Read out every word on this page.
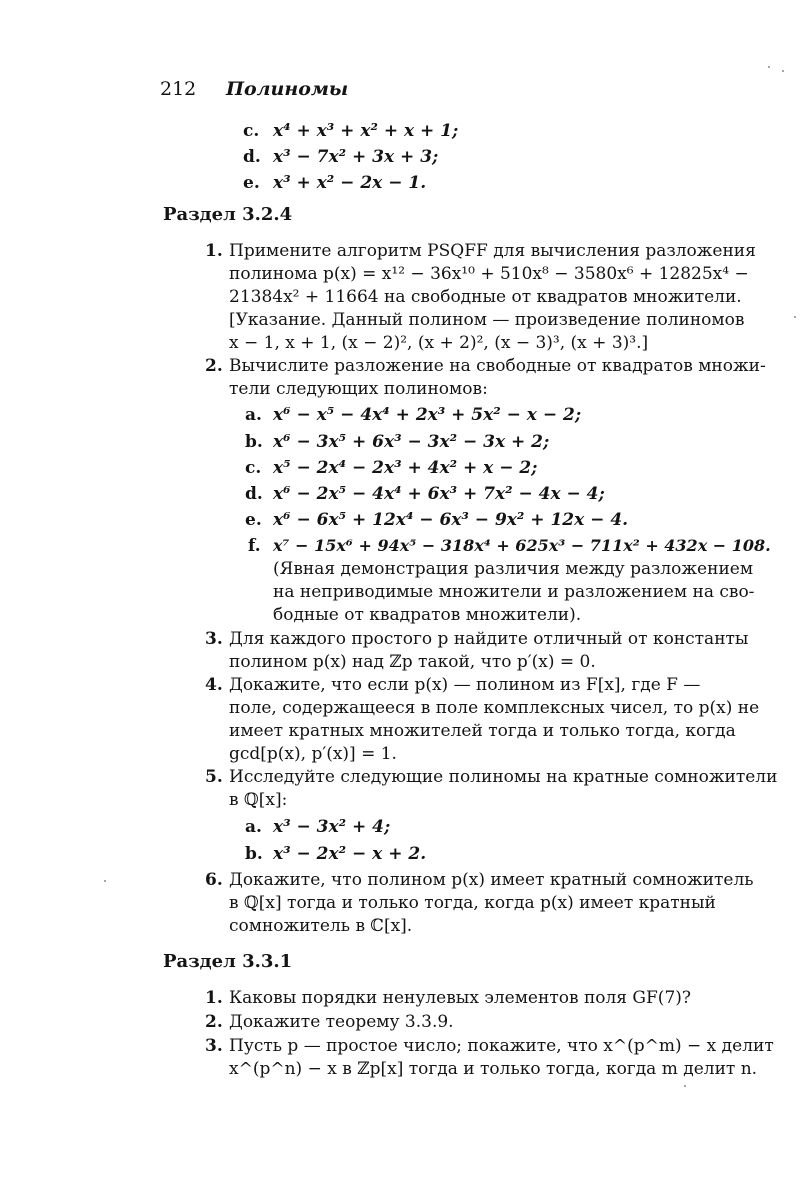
212 Полиномы
c. x⁴ + x³ + x² + x + 1;
d. x³ − 7x² + 3x + 3;
e. x³ + x² − 2x − 1.
Раздел 3.2.4
1. Примените алгоритм PSQFF для вычисления разложения
полинома p(x) = x¹² − 36x¹⁰ + 510x⁸ − 3580x⁶ + 12825x⁴ −
21384x² + 11664 на свободные от квадратов множители.
[Указание. Данный полином — произведение полиномов
x − 1, x + 1, (x − 2)², (x + 2)², (x − 3)³, (x + 3)³.]
2. Вычислите разложение на свободные от квадратов множи-
тели следующих полиномов:
a. x⁶ − x⁵ − 4x⁴ + 2x³ + 5x² − x − 2;
b. x⁶ − 3x⁵ + 6x³ − 3x² − 3x + 2;
c. x⁵ − 2x⁴ − 2x³ + 4x² + x − 2;
d. x⁶ − 2x⁵ − 4x⁴ + 6x³ + 7x² − 4x − 4;
e. x⁶ − 6x⁵ + 12x⁴ − 6x³ − 9x² + 12x − 4.
f. x⁷ − 15x⁶ + 94x⁵ − 318x⁴ + 625x³ − 711x² + 432x − 108.
(Явная демонстрация различия между разложением
на неприводимые множители и разложением на сво-
бодные от квадратов множители).
3. Для каждого простого p найдите отличный от константы
полином p(x) над ℤp такой, что p′(x) = 0.
4. Докажите, что если p(x) — полином из F[x], где F —
поле, содержащееся в поле комплексных чисел, то p(x) не
имеет кратных множителей тогда и только тогда, когда
gcd[p(x), p′(x)] = 1.
5. Исследуйте следующие полиномы на кратные сомножители
в ℚ[x]:
a. x³ − 3x² + 4;
b. x³ − 2x² − x + 2.
6. Докажите, что полином p(x) имеет кратный сомножитель
в ℚ[x] тогда и только тогда, когда p(x) имеет кратный
сомножитель в ℂ[x].
Раздел 3.3.1
1. Каковы порядки ненулевых элементов поля GF(7)?
2. Докажите теорему 3.3.9.
3. Пусть p — простое число; покажите, что x^(p^m) − x делит
x^(p^n) − x в ℤp[x] тогда и только тогда, когда m делит n.
